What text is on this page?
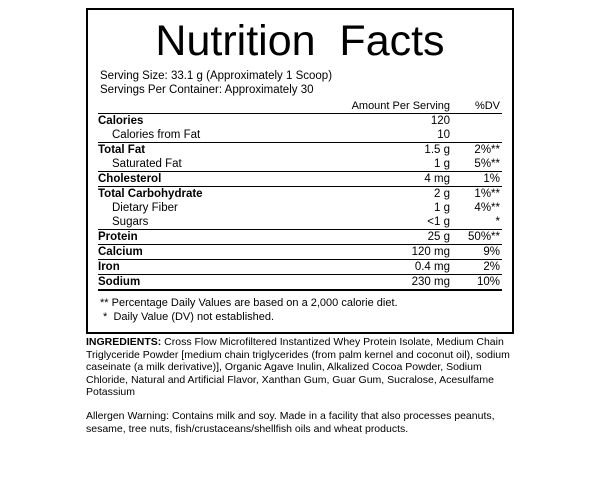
Nutrition  Facts
Serving Size: 33.1 g (Approximately 1 Scoop)
Servings Per Container: Approximately 30
	Amount Per Serving	%DV
Calories	120	
Calories from Fat	10	
Total Fat	1.5 g	2%**
Saturated Fat	1 g	5%**
Cholesterol	4 mg	1%
Total Carbohydrate	2 g	1%**
Dietary Fiber	1 g	4%**
Sugars	<1 g	*
Protein	25 g	50%**
Calcium	120 mg	9%
Iron	0.4 mg	2%
Sodium	230 mg	10%

** Percentage Daily Values are based on a 2,000 calorie diet.
*  Daily Value (DV) not established.

INGREDIENTS: Cross Flow Microfiltered Instantized Whey Protein Isolate, Medium Chain Triglyceride Powder [medium chain triglycerides (from palm kernel and coconut oil), sodium caseinate (a milk derivative)], Organic Agave Inulin, Alkalized Cocoa Powder, Sodium Chloride, Natural and Artificial Flavor, Xanthan Gum, Guar Gum, Sucralose, Acesulfame Potassium

Allergen Warning: Contains milk and soy. Made in a facility that also processes peanuts, sesame, tree nuts, fish/crustaceans/shellfish oils and wheat products.
